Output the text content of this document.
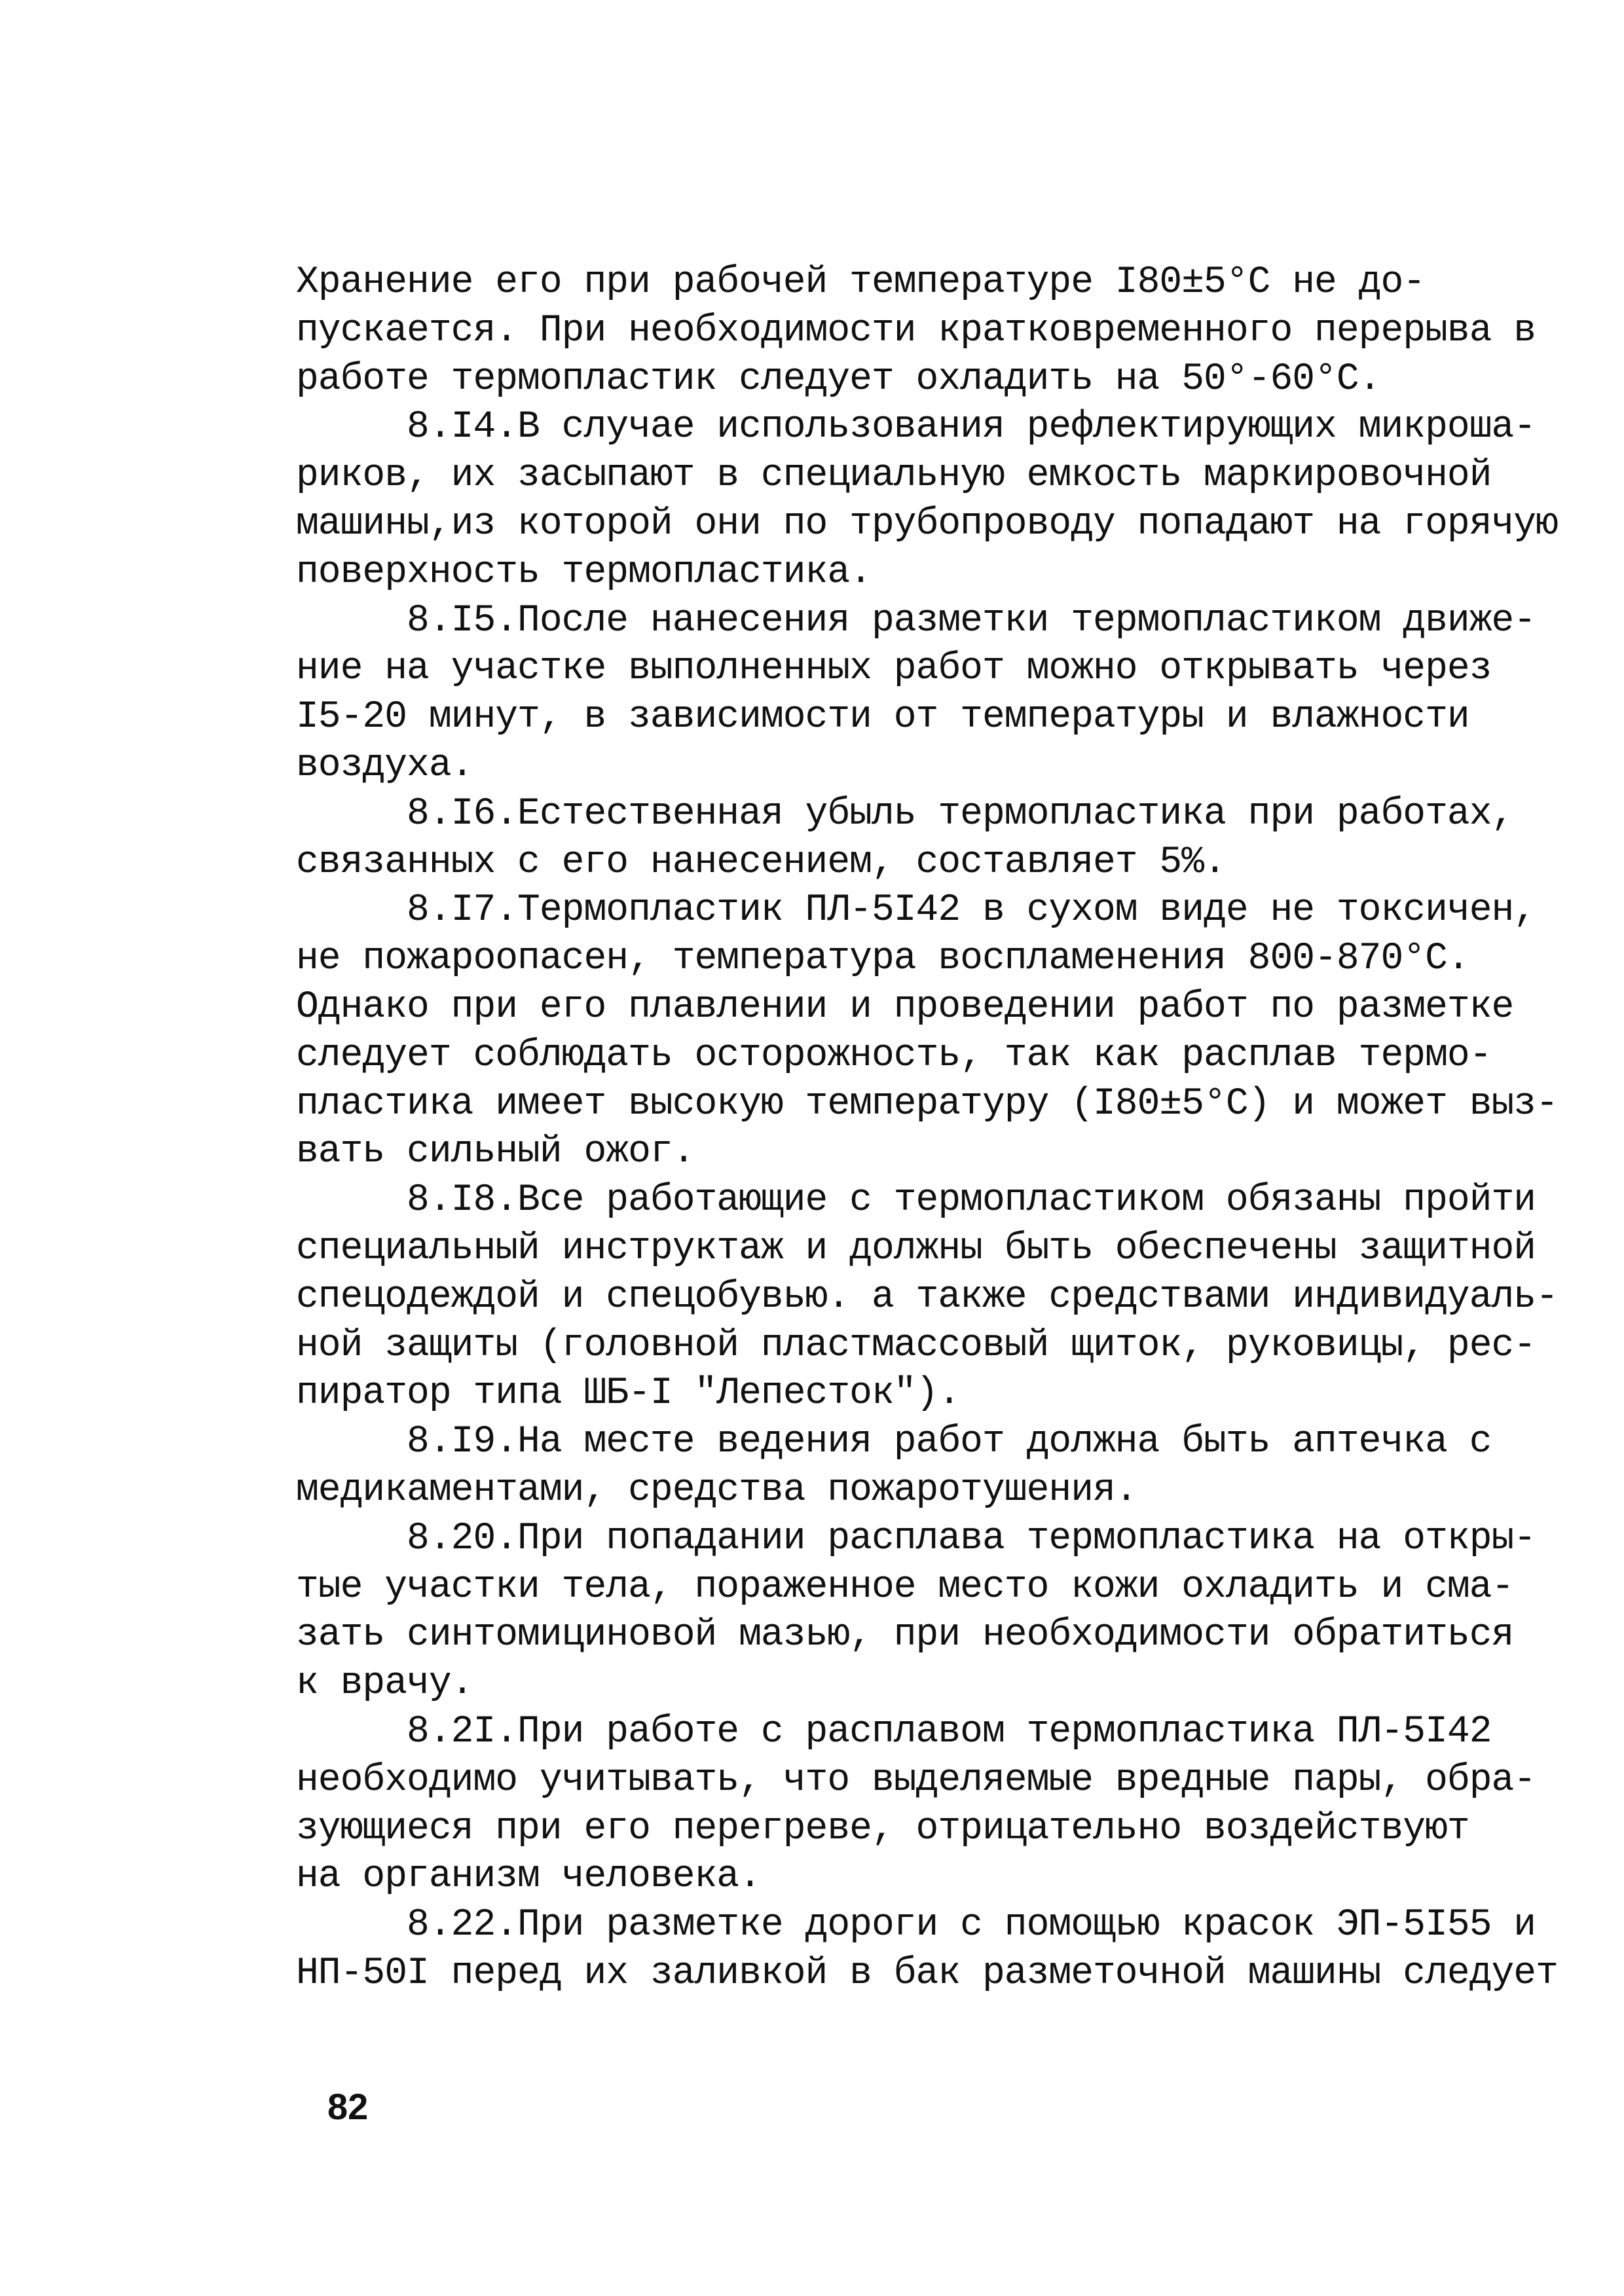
Хранение его при рабочей температуре I80±5°С не до-
пускается. При необходимости кратковременного перерыва в
работе термопластик следует охладить на 50°-60°С.
8.I4.В случае использования рефлектирующих микроша-
риков, их засыпают в специальную емкость маркировочной
машины,из которой они по трубопроводу попадают на горячую
поверхность термопластика.
8.I5.После нанесения разметки термопластиком движе-
ние на участке выполненных работ можно открывать через
I5-20 минут, в зависимости от температуры и влажности
воздуха.
8.I6.Естественная убыль термопластика при работах,
связанных с его нанесением, составляет 5%.
8.I7.Термопластик ПЛ-5I42 в сухом виде не токсичен,
не пожароопасен, температура воспламенения 800-870°С.
Однако при его плавлении и проведении работ по разметке
следует соблюдать осторожность, так как расплав термо-
пластика имеет высокую температуру (I80±5°С) и может выз-
вать сильный ожог.
8.I8.Все работающие с термопластиком обязаны пройти
специальный инструктаж и должны быть обеспечены защитной
спецодеждой и спецобувью. а также средствами индивидуаль-
ной защиты (головной пластмассовый щиток, руковицы, рес-
пиратор типа ШБ-I "Лепесток").
8.I9.На месте ведения работ должна быть аптечка с
медикаментами, средства пожаротушения.
8.20.При попадании расплава термопластика на откры-
тые участки тела, пораженное место кожи охладить и сма-
зать синтомициновой мазью, при необходимости обратиться
к врачу.
8.2I.При работе с расплавом термопластика ПЛ-5I42
необходимо учитывать, что выделяемые вредные пары, обра-
зующиеся при его перегреве, отрицательно воздействуют
на организм человека.
8.22.При разметке дороги с помощью красок ЭП-5I55 и
НП-50I перед их заливкой в бак разметочной машины следует
82
